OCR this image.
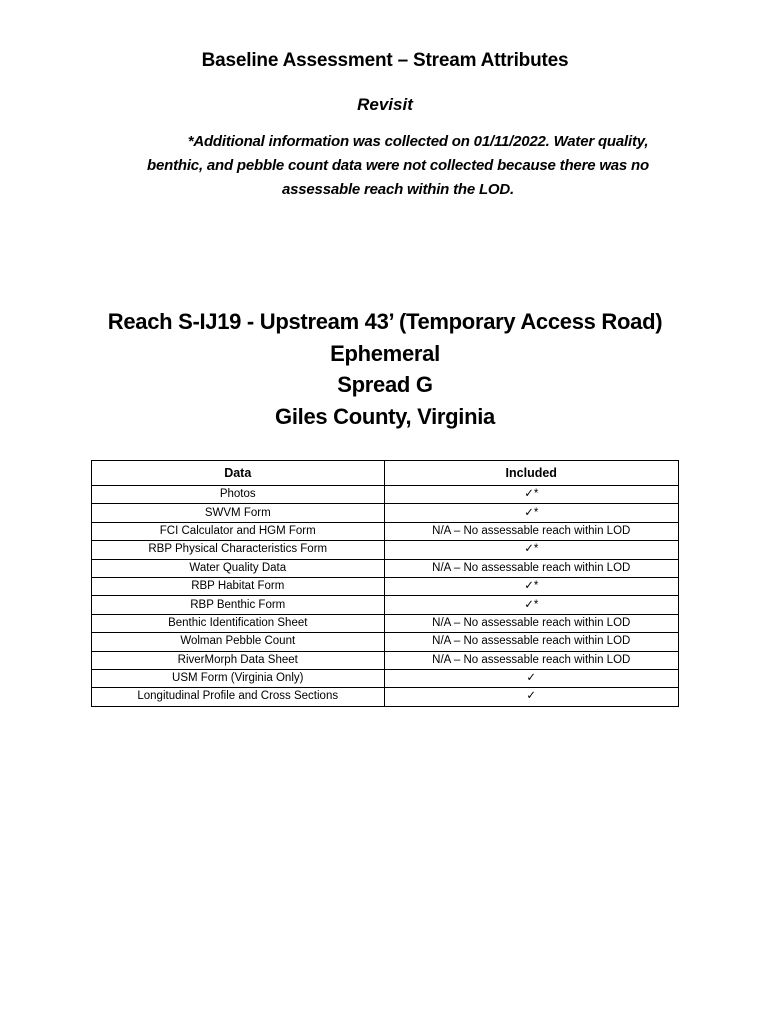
Baseline Assessment – Stream Attributes
Revisit
*Additional information was collected on 01/11/2022. Water quality, benthic, and pebble count data were not collected because there was no assessable reach within the LOD.
Reach S-IJ19 - Upstream 43’ (Temporary Access Road)
Ephemeral
Spread G
Giles County, Virginia
Data	Included
Photos	✓*
SWVM Form	✓*
FCI Calculator and HGM Form	N/A – No assessable reach within LOD
RBP Physical Characteristics Form	✓*
Water Quality Data	N/A – No assessable reach within LOD
RBP Habitat Form	✓*
RBP Benthic Form	✓*
Benthic Identification Sheet	N/A – No assessable reach within LOD
Wolman Pebble Count	N/A – No assessable reach within LOD
RiverMorph Data Sheet	N/A – No assessable reach within LOD
USM Form (Virginia Only)	✓
Longitudinal Profile and Cross Sections	✓
